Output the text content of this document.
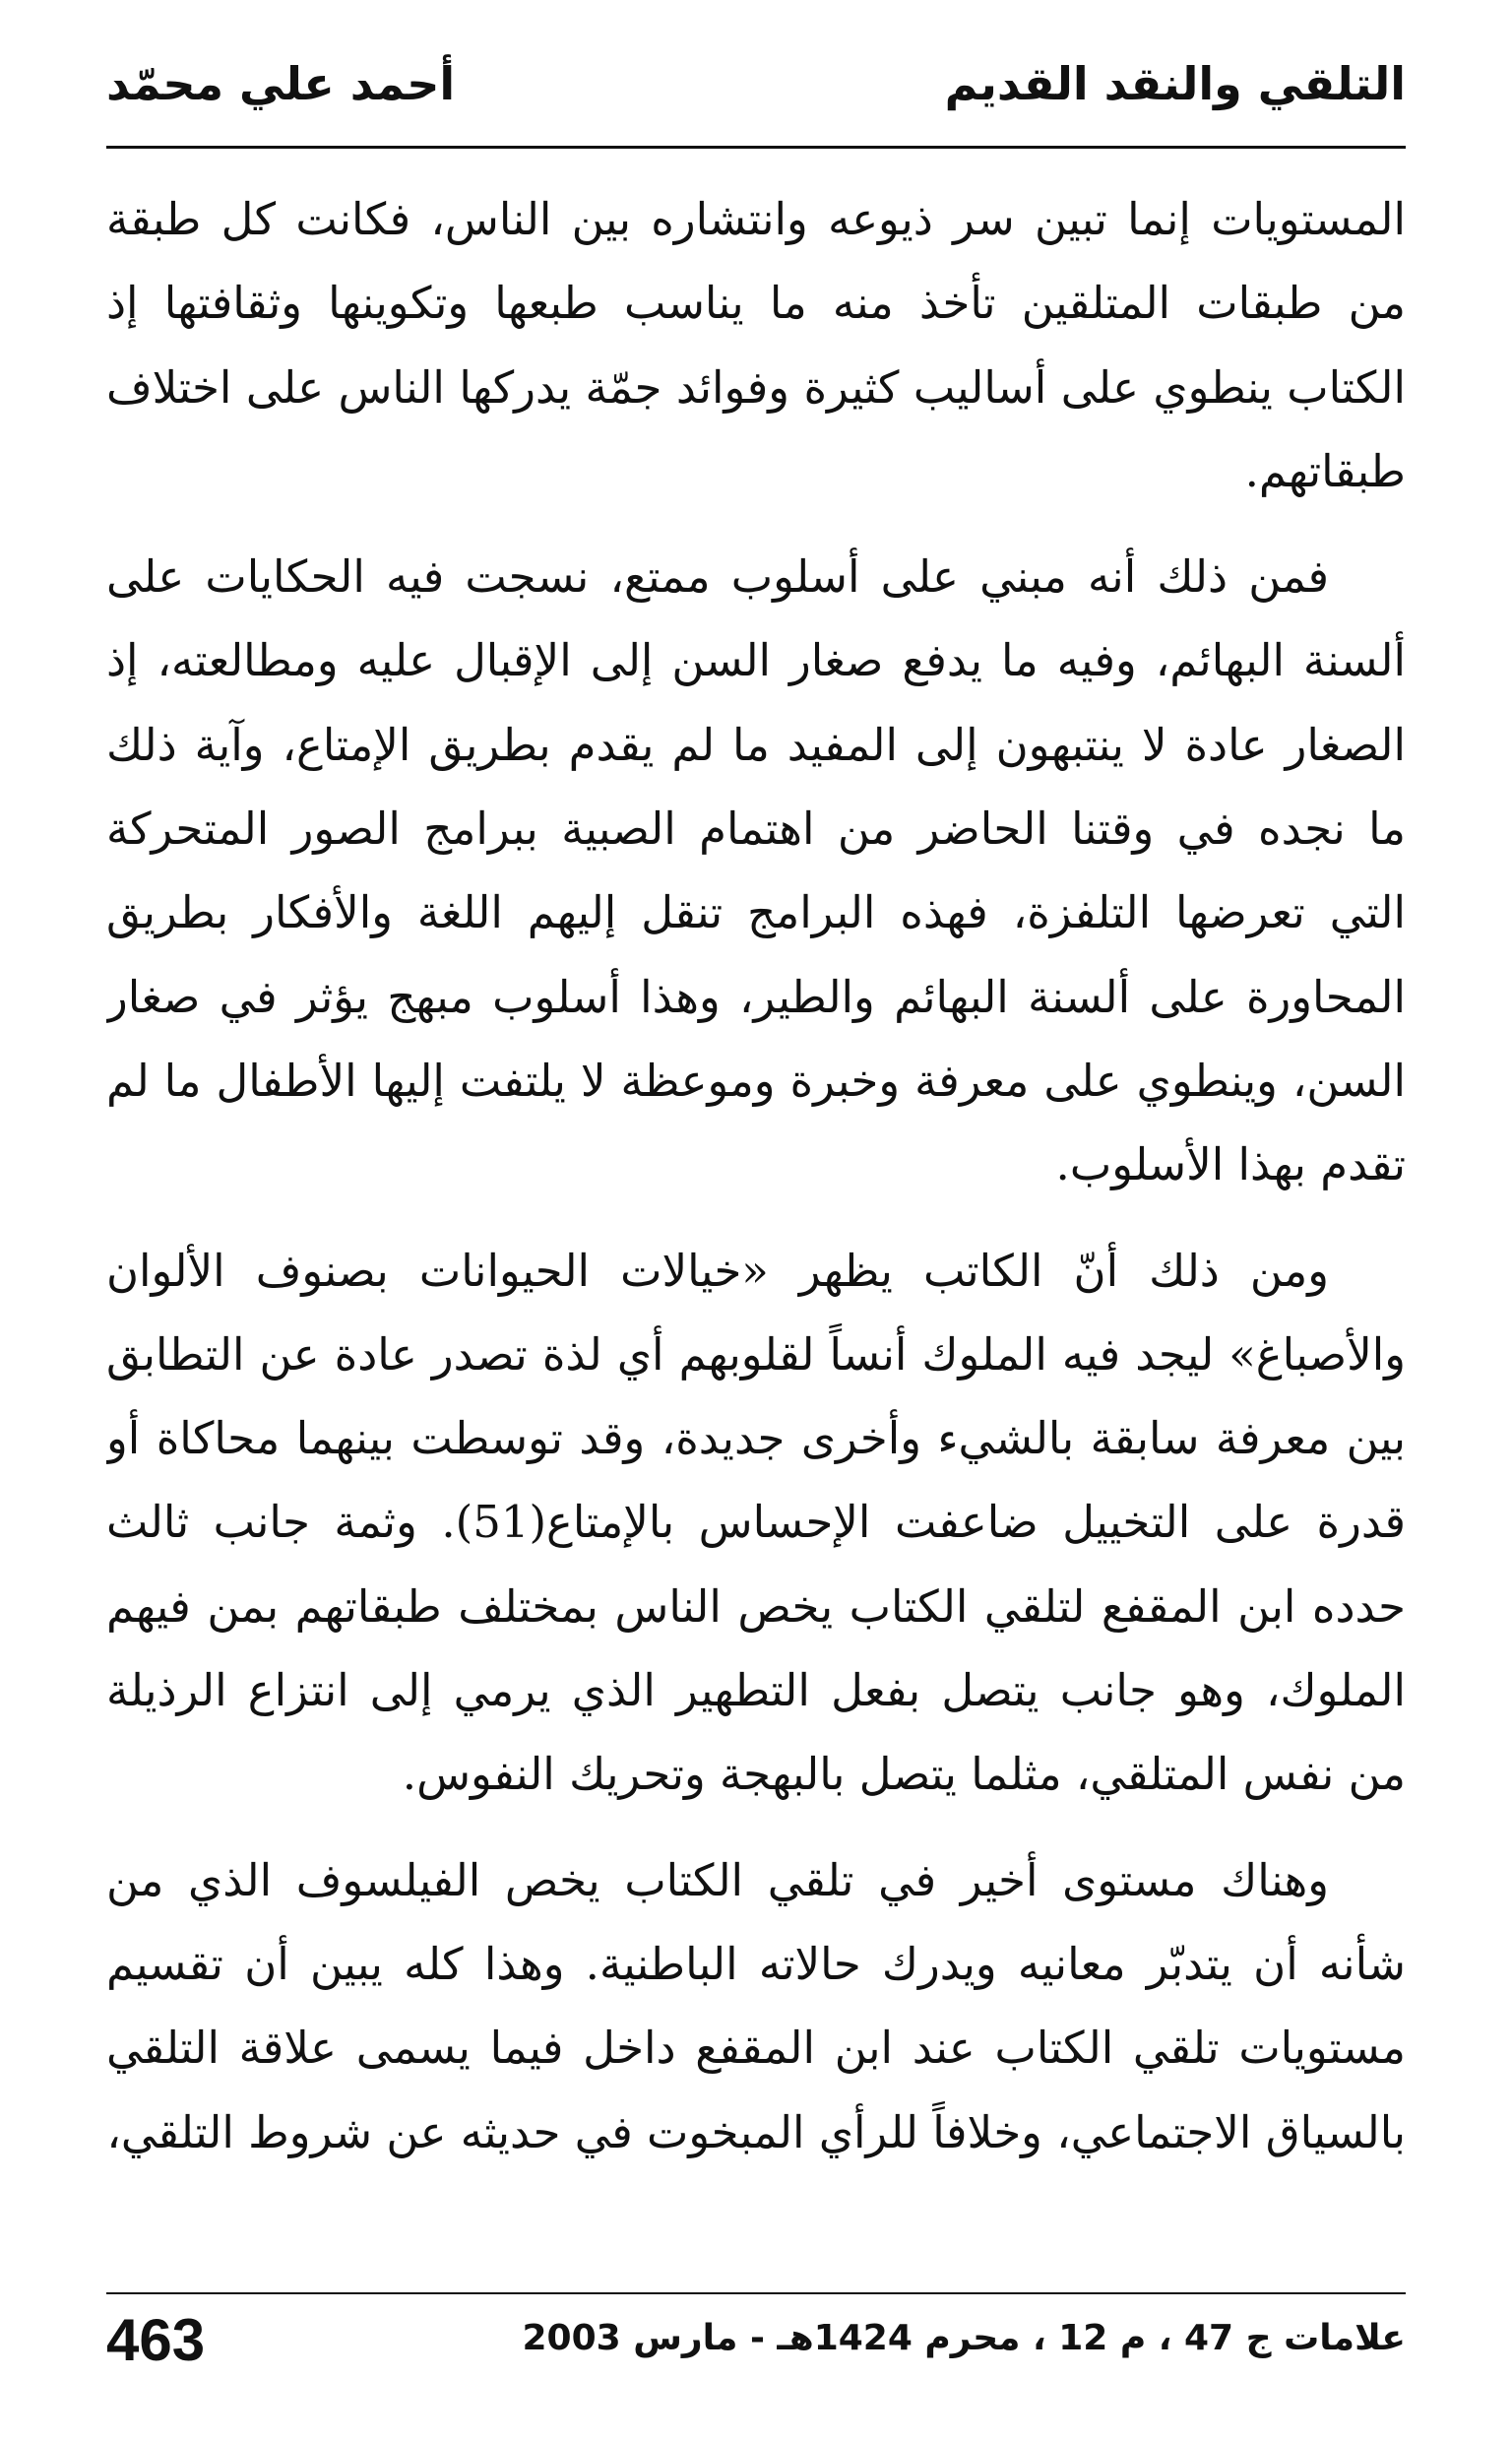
التلقي والنقد القديم
أحمد علي محمّد

المستويات إنما تبين سر ذيوعه وانتشاره بين الناس، فكانت كل طبقة من طبقات المتلقين تأخذ منه ما يناسب طبعها وتكوينها وثقافتها إذ الكتاب ينطوي على أساليب كثيرة وفوائد جمّة يدركها الناس على اختلاف طبقاتهم.

فمن ذلك أنه مبني على أسلوب ممتع، نسجت فيه الحكايات على ألسنة البهائم، وفيه ما يدفع صغار السن إلى الإقبال عليه ومطالعته، إذ الصغار عادة لا ينتبهون إلى المفيد ما لم يقدم بطريق الإمتاع، وآية ذلك ما نجده في وقتنا الحاضر من اهتمام الصبية ببرامج الصور المتحركة التي تعرضها التلفزة، فهذه البرامج تنقل إليهم اللغة والأفكار بطريق المحاورة على ألسنة البهائم والطير، وهذا أسلوب مبهج يؤثر في صغار السن، وينطوي على معرفة وخبرة وموعظة لا يلتفت إليها الأطفال ما لم تقدم بهذا الأسلوب.

ومن ذلك أنّ الكاتب يظهر «خيالات الحيوانات بصنوف الألوان والأصباغ» ليجد فيه الملوك أنساً لقلوبهم أي لذة تصدر عادة عن التطابق بين معرفة سابقة بالشيء وأخرى جديدة، وقد توسطت بينهما محاكاة أو قدرة على التخييل ضاعفت الإحساس بالإمتاع(51). وثمة جانب ثالث حدده ابن المقفع لتلقي الكتاب يخص الناس بمختلف طبقاتهم بمن فيهم الملوك، وهو جانب يتصل بفعل التطهير الذي يرمي إلى انتزاع الرذيلة من نفس المتلقي، مثلما يتصل بالبهجة وتحريك النفوس.

وهناك مستوى أخير في تلقي الكتاب يخص الفيلسوف الذي من شأنه أن يتدبّر معانيه ويدرك حالاته الباطنية. وهذا كله يبين أن تقسيم مستويات تلقي الكتاب عند ابن المقفع داخل فيما يسمى علاقة التلقي بالسياق الاجتماعي، وخلافاً للرأي المبخوت في حديثه عن شروط التلقي،

463	علامات ج 47 ، م 12 ، محرم 1424هـ - مارس 2003
